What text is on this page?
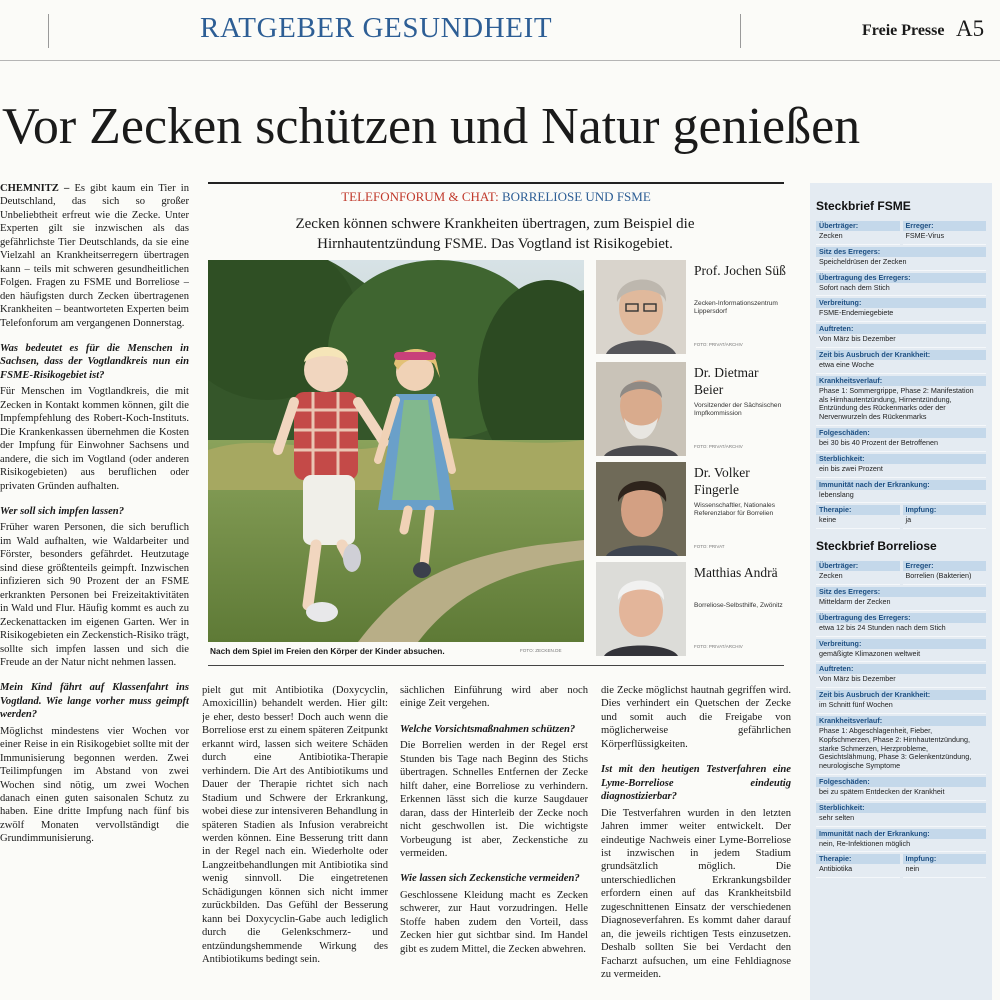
RATGEBER GESUNDHEIT	Freie Presse A5
Vor Zecken schützen und Natur genießen
TELEFONFORUM & CHAT: BORRELIOSE UND FSME
Zecken können schwere Krankheiten übertragen, zum Beispiel die Hirnhautentzündung FSME. Das Vogtland ist Risikogebiet.
Nach dem Spiel im Freien den Körper der Kinder absuchen.	FOTO: ZECKEN.DE
Prof. Jochen Süß
Zecken-Informationszentrum Lippersdorf
FOTO: PRIVAT/ARCHIV
Dr. Dietmar Beier
Vorsitzender der Sächsischen Impfkommission
FOTO: PRIVAT/ARCHIV
Dr. Volker Fingerle
Wissenschaftler, Nationales Referenzlabor für Borrelien
FOTO: PRIVAT
Matthias Andrä
Borreliose-Selbsthilfe, Zwönitz
FOTO: PRIVAT/ARCHIV

CHEMNITZ – Es gibt kaum ein Tier in Deutschland, das sich so großer Unbeliebtheit erfreut wie die Zecke. Unter Experten gilt sie inzwischen als das gefährlichste Tier Deutschlands, da sie eine Vielzahl an Krankheitserregern übertragen kann – teils mit schweren gesundheitlichen Folgen. Fragen zu FSME und Borreliose – den häufigsten durch Zecken übertragenen Krankheiten – beantworteten Experten beim Telefonforum am vergangenen Donnerstag.

Was bedeutet es für die Menschen in Sachsen, dass der Vogtlandkreis nun ein FSME-Risikogebiet ist?

Für Menschen im Vogtlandkreis, die mit Zecken in Kontakt kommen können, gilt die Impfempfehlung des Robert-Koch-Instituts. Die Krankenkassen übernehmen die Kosten der Impfung für Einwohner Sachsens und andere, die sich im Vogtland (oder anderen Risikogebieten) aus beruflichen oder privaten Gründen aufhalten.

Wer soll sich impfen lassen?

Früher waren Personen, die sich beruflich im Wald aufhalten, wie Waldarbeiter und Förster, besonders gefährdet. Heutzutage sind diese größtenteils geimpft. Inzwischen infizieren sich 90 Prozent der an FSME erkrankten Personen bei Freizeitaktivitäten in Wald und Flur. Häufig kommt es auch zu Zeckenattacken im eigenen Garten. Wer in Risikogebieten ein Zeckenstich-Risiko trägt, sollte sich impfen lassen und sich die Freude an der Natur nicht nehmen lassen.

Mein Kind fährt auf Klassenfahrt ins Vogtland. Wie lange vorher muss geimpft werden?

Möglichst mindestens vier Wochen vor einer Reise in ein Risikogebiet sollte mit der Immunisierung begonnen werden. Zwei Teilimpfungen im Abstand von zwei Wochen sind nötig, um zwei Wochen danach einen guten saisonalen Schutz zu haben. Eine dritte Impfung nach fünf bis zwölf Monaten vervollständigt die Grundimmunisierung.

pielt gut mit Antibiotika (Doxycyclin, Amoxicillin) behandelt werden. Hier gilt: je eher, desto besser! Doch auch wenn die Borreliose erst zu einem späteren Zeitpunkt erkannt wird, lassen sich weitere Schäden durch eine Antibiotika-Therapie verhindern. Die Art des Antibiotikums und Dauer der Therapie richtet sich nach Stadium und Schwere der Erkrankung, wobei diese zur intensiveren Behandlung in späteren Stadien als Infusion verabreicht werden können. Eine Besserung tritt dann in der Regel nach ein. Wiederholte oder Langzeitbehandlungen mit Antibiotika sind wenig sinnvoll. Die eingetretenen Schädigungen können sich nicht immer zurückbilden. Das Gefühl der Besserung kann bei Doxycyclin-Gabe auch lediglich durch die Gelenkschmerz- und entzündungshemmende Wirkung des Antibiotikums bedingt sein.

sächlichen Einführung wird aber noch einige Zeit vergehen.

Welche Vorsichtsmaßnahmen schützen?

Die Borrelien werden in der Regel erst Stunden bis Tage nach Beginn des Stichs übertragen. Schnelles Entfernen der Zecke hilft daher, eine Borreliose zu verhindern. Erkennen lässt sich die kurze Saugdauer daran, dass der Hinterleib der Zecke noch nicht geschwollen ist. Die wichtigste Vorbeugung ist aber, Zeckenstiche zu vermeiden.

Wie lassen sich Zeckenstiche vermeiden?

Geschlossene Kleidung macht es Zecken schwerer, zur Haut vorzudringen. Helle Stoffe haben zudem den Vorteil, dass Zecken hier gut sichtbar sind. Im Handel gibt es zudem Mittel, die Zecken abwehren.

die Zecke möglichst hautnah gegriffen wird. Dies verhindert ein Quetschen der Zecke und somit auch die Freigabe von möglicherweise gefährlichen Körperflüssigkeiten.

Ist mit den heutigen Testverfahren eine Lyme-Borreliose eindeutig diagnostizierbar?

Die Testverfahren wurden in den letzten Jahren immer weiter entwickelt. Der eindeutige Nachweis einer Lyme-Borreliose ist inzwischen in jedem Stadium grundsätzlich möglich. Die unterschiedlichen Erkrankungsbilder erfordern einen auf das Krankheitsbild zugeschnittenen Einsatz der verschiedenen Diagnoseverfahren. Es kommt daher darauf an, die jeweils richtigen Tests einzusetzen. Deshalb sollten Sie bei Verdacht den Facharzt aufsuchen, um eine Fehldiagnose zu vermeiden.

Steckbrief FSME
Überträger:
Zecken
Erreger:
FSME-Virus
Sitz des Erregers:
Speicheldrüsen der Zecken
Übertragung des Erregers:
Sofort nach dem Stich
Verbreitung:
FSME-Endemiegebiete
Auftreten:
Von März bis Dezember
Zeit bis Ausbruch der Krankheit:
etwa eine Woche
Krankheitsverlauf:
Phase 1: Sommergrippe, Phase 2: Manifestation als Hirnhautentzündung, Hirnentzündung, Entzündung des Rückenmarks oder der Nervenwurzeln des Rückenmarks
Folgeschäden:
bei 30 bis 40 Prozent der Betroffenen
Sterblichkeit:
ein bis zwei Prozent
Immunität nach der Erkrankung:
lebenslang
Therapie:
keine
Impfung:
ja
Steckbrief Borreliose
Überträger:
Zecken
Erreger:
Borrelien (Bakterien)
Sitz des Erregers:
Mitteldarm der Zecken
Übertragung des Erregers:
etwa 12 bis 24 Stunden nach dem Stich
Verbreitung:
gemäßigte Klimazonen weltweit
Auftreten:
Von März bis Dezember
Zeit bis Ausbruch der Krankheit:
im Schnitt fünf Wochen
Krankheitsverlauf:
Phase 1: Abgeschlagenheit, Fieber, Kopfschmerzen, Phase 2: Hirnhautentzündung, starke Schmerzen, Herzprobleme, Gesichtslähmung, Phase 3: Gelenkentzündung, neurologische Symptome
Folgeschäden:
bei zu spätem Entdecken der Krankheit
Sterblichkeit:
sehr selten
Immunität nach der Erkrankung:
nein, Re-Infektionen möglich
Therapie:
Antibiotika
Impfung:
nein
